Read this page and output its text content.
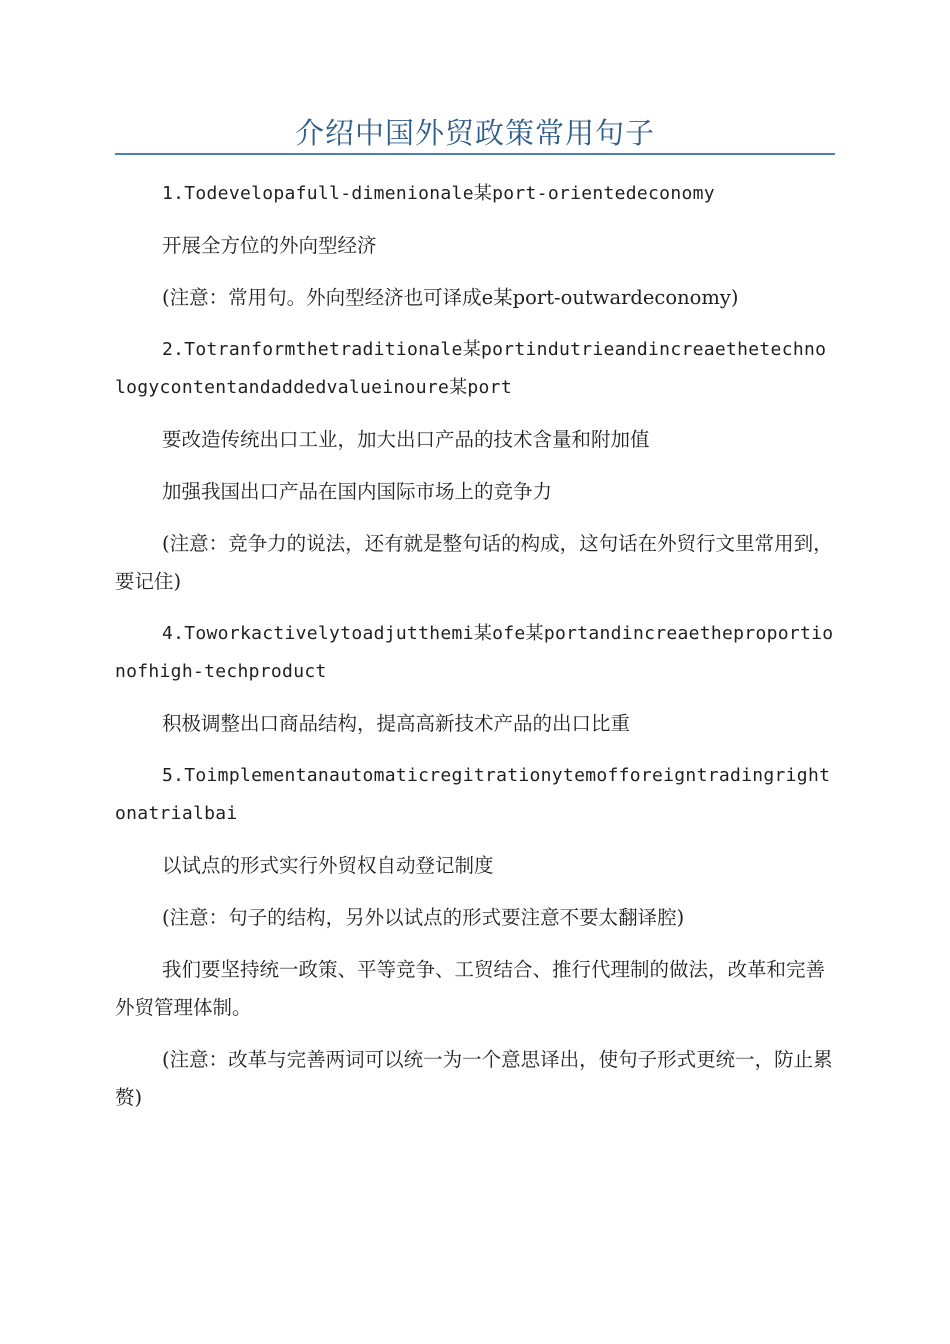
介绍中国外贸政策常用句子

1.Todevelopafull-dimenionale某port-orientedeconomy

开展全方位的外向型经济

(注意：常用句。外向型经济也可译成e某port-outwardeconomy)

2.Totranformthetraditionale某portindutrieandincreaethetechnologycontentandaddedvalueinoure某port

要改造传统出口工业，加大出口产品的技术含量和附加值

加强我国出口产品在国内国际市场上的竞争力

(注意：竞争力的说法，还有就是整句话的构成，这句话在外贸行文里常用到，要记住)

4.Toworkactivelytoadjutthemi某ofe某portandincreaetheproportionofhigh-techproduct

积极调整出口商品结构，提高高新技术产品的出口比重

5.Toimplementanautomaticregitrationytemofforeigntradingrightonatrialbai

以试点的形式实行外贸权自动登记制度

(注意：句子的结构，另外以试点的形式要注意不要太翻译腔)

我们要坚持统一政策、平等竞争、工贸结合、推行代理制的做法，改革和完善外贸管理体制。

(注意：改革与完善两词可以统一为一个意思译出，使句子形式更统一，防止累赘)
